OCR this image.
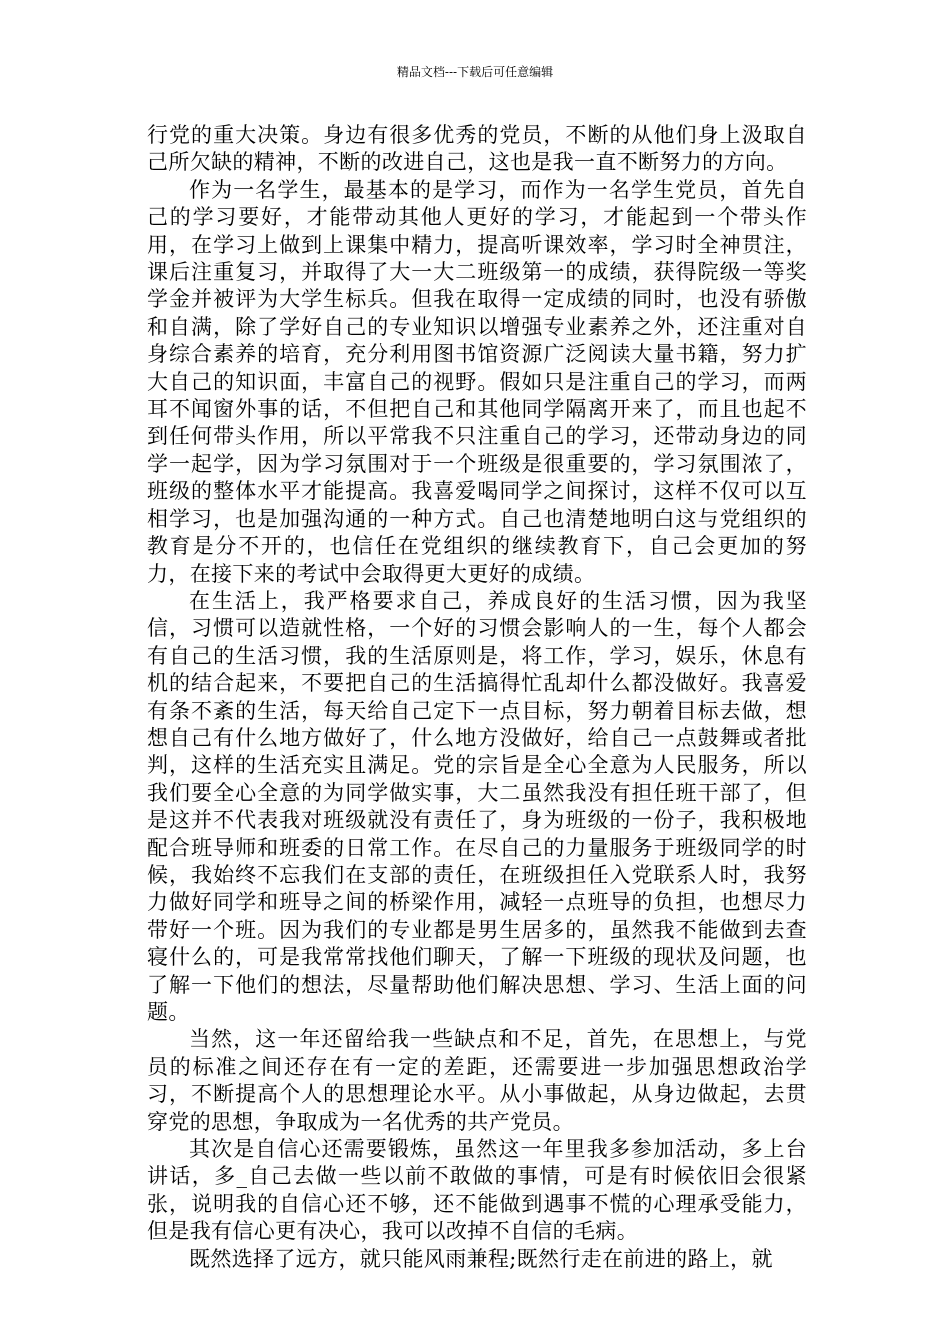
精品文档---下载后可任意编辑

行党的重大决策。身边有很多优秀的党员，不断的从他们身上汲取自己所欠缺的精神，不断的改进自己，这也是我一直不断努力的方向。

作为一名学生，最基本的是学习，而作为一名学生党员，首先自己的学习要好，才能带动其他人更好的学习，才能起到一个带头作用，在学习上做到上课集中精力，提高听课效率，学习时全神贯注，课后注重复习，并取得了大一大二班级第一的成绩，获得院级一等奖学金并被评为大学生标兵。但我在取得一定成绩的同时，也没有骄傲和自满，除了学好自己的专业知识以增强专业素养之外，还注重对自身综合素养的培育，充分利用图书馆资源广泛阅读大量书籍，努力扩大自己的知识面，丰富自己的视野。假如只是注重自己的学习，而两耳不闻窗外事的话，不但把自己和其他同学隔离开来了，而且也起不到任何带头作用，所以平常我不只注重自己的学习，还带动身边的同学一起学，因为学习氛围对于一个班级是很重要的，学习氛围浓了，班级的整体水平才能提高。我喜爱喝同学之间探讨，这样不仅可以互相学习，也是加强沟通的一种方式。自己也清楚地明白这与党组织的教育是分不开的，也信任在党组织的继续教育下，自己会更加的努力，在接下来的考试中会取得更大更好的成绩。

在生活上，我严格要求自己，养成良好的生活习惯，因为我坚信，习惯可以造就性格，一个好的习惯会影响人的一生，每个人都会有自己的生活习惯，我的生活原则是，将工作，学习，娱乐，休息有机的结合起来，不要把自己的生活搞得忙乱却什么都没做好。我喜爱有条不紊的生活，每天给自己定下一点目标，努力朝着目标去做，想想自己有什么地方做好了，什么地方没做好，给自己一点鼓舞或者批判，这样的生活充实且满足。党的宗旨是全心全意为人民服务，所以我们要全心全意的为同学做实事，大二虽然我没有担任班干部了，但是这并不代表我对班级就没有责任了，身为班级的一份子，我积极地配合班导师和班委的日常工作。在尽自己的力量服务于班级同学的时候，我始终不忘我们在支部的责任，在班级担任入党联系人时，我努力做好同学和班导之间的桥梁作用，减轻一点班导的负担，也想尽力带好一个班。因为我们的专业都是男生居多的，虽然我不能做到去查寝什么的，可是我常常找他们聊天，了解一下班级的现状及问题，也了解一下他们的想法，尽量帮助他们解决思想、学习、生活上面的问题。

当然，这一年还留给我一些缺点和不足，首先，在思想上，与党员的标准之间还存在有一定的差距，还需要进一步加强思想政治学习，不断提高个人的思想理论水平。从小事做起，从身边做起，去贯穿党的思想，争取成为一名优秀的共产党员。

其次是自信心还需要锻炼，虽然这一年里我多参加活动，多上台讲话，多_自己去做一些以前不敢做的事情，可是有时候依旧会很紧张，说明我的自信心还不够，还不能做到遇事不慌的心理承受能力，但是我有信心更有决心，我可以改掉不自信的毛病。

既然选择了远方，就只能风雨兼程;既然行走在前进的路上，就
